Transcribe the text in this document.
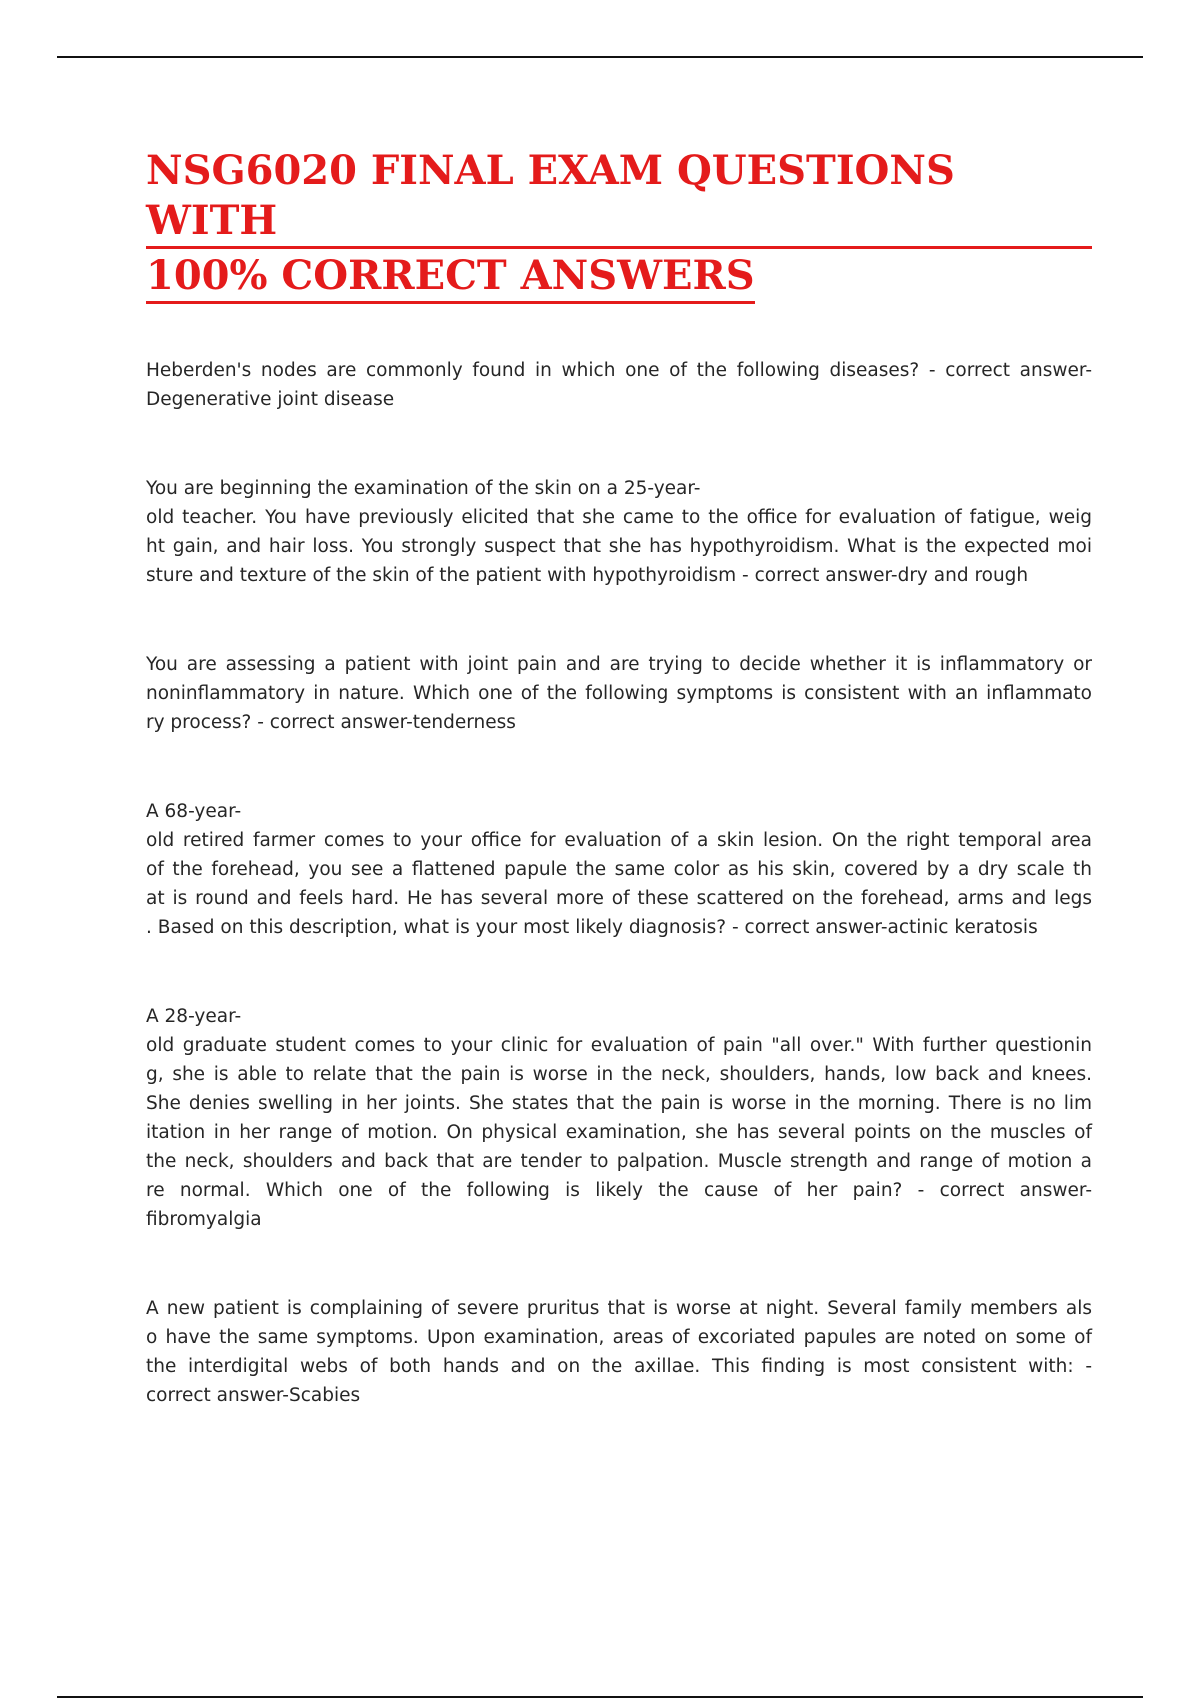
NSG6020 FINAL EXAM QUESTIONS WITH
100% CORRECT ANSWERS
Heberden's nodes are commonly found in which one of the following diseases? - correct answer-
Degenerative joint disease
You are beginning the examination of the skin on a 25-year-
old teacher. You have previously elicited that she came to the office for evaluation of fatigue, weig
ht gain, and hair loss. You strongly suspect that she has hypothyroidism. What is the expected moi
sture and texture of the skin of the patient with hypothyroidism - correct answer-dry and rough
You are assessing a patient with joint pain and are trying to decide whether it is inflammatory or
noninflammatory in nature. Which one of the following symptoms is consistent with an inflammato
ry process? - correct answer-tenderness
A 68-year-
old retired farmer comes to your office for evaluation of a skin lesion. On the right temporal area
of the forehead, you see a flattened papule the same color as his skin, covered by a dry scale th
at is round and feels hard. He has several more of these scattered on the forehead, arms and legs
. Based on this description, what is your most likely diagnosis? - correct answer-actinic keratosis
A 28-year-
old graduate student comes to your clinic for evaluation of pain "all over." With further questionin
g, she is able to relate that the pain is worse in the neck, shoulders, hands, low back and knees.
She denies swelling in her joints. She states that the pain is worse in the morning. There is no lim
itation in her range of motion. On physical examination, she has several points on the muscles of
the neck, shoulders and back that are tender to palpation. Muscle strength and range of motion a
re normal. Which one of the following is likely the cause of her pain? - correct answer-
fibromyalgia
A new patient is complaining of severe pruritus that is worse at night. Several family members als
o have the same symptoms. Upon examination, areas of excoriated papules are noted on some of
the interdigital webs of both hands and on the axillae. This finding is most consistent with: -
correct answer-Scabies
